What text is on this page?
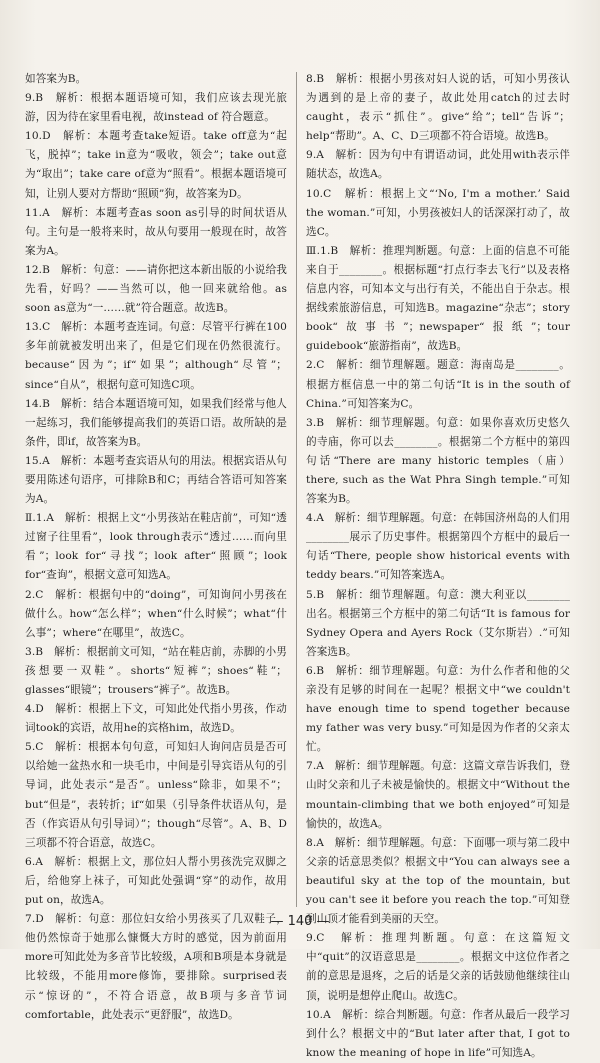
如答案为B。

9.B　解析：根据本题语境可知，我们应该去现光旅游，因为待在家里看电视，故instead of 符合题意。

10.D　解析：本题考查take短语。take off意为“起飞，脱掉”；take in意为“吸收，领会”；take out意为“取出”；take care of意为“照看”。根据本题语境可知，让别人要对方帮助“照顾”狗，故答案为D。

11.A　解析：本题考查as soon as引导的时间状语从句。主句是一般将来时，故从句要用一般现在时，故答案为A。

12.B　解析：句意：——请你把这本新出版的小说给我先看，好吗？——当然可以，他一回来就给他。as soon as意为“一……就”符合题意。故选B。

13.C　解析：本题考查连词。句意：尽管平行裤在100多年前就被发明出来了，但是它们现在仍然很流行。because“因为”；if“如果”；although“尽管”；since“自从”，根据句意可知选C项。

14.B　解析：结合本题语境可知，如果我们经常与他人一起练习，我们能够提高我们的英语口语。故所缺的是条件，即if，故答案为B。

15.A　解析：本题考查宾语从句的用法。根据宾语从句要用陈述句语序，可排除B和C；再结合答语可知答案为A。

Ⅱ.1.A　解析：根据上文“小男孩站在鞋店前”，可知“透过窗子往里看”，look through表示“透过……而向里看”；look for“寻找”；look after“照顾”；look for“查询”，根据文意可知选A。

2.C　解析：根据句中的“doing”，可知询问小男孩在做什么。how“怎么样”；when“什么时候”；what“什么事”；where“在哪里”，故选C。

3.B　解析：根据前文可知，“站在鞋店前，赤脚的小男孩想要一双鞋”。shorts“短裤”；shoes“鞋”；glasses“眼镜”；trousers“裤子”。故选B。

4.D　解析：根据上下文，可知此处代指小男孩，作动词took的宾语，故用he的宾格him，故选D。

5.C　解析：根据本句句意，可知妇人询问店员是否可以给她一盆热水和一块毛巾，中间是引导宾语从句的引导词，此处表示“是否”。unless“除非，如果不”；but“但是”，表转折；if“如果（引导条件状语从句，是否（作宾语从句引导词）”；though“尽管”。A、B、D三项都不符合语意，故选C。

6.A　解析：根据上文，那位妇人帮小男孩洗完双脚之后，给他穿上袜子，可知此处强调“穿”的动作，故用put on，故选A。

7.D　解析：句意：那位妇女给小男孩买了几双鞋子，他仍然惊奇于她那么慷慨大方时的感觉，因为前面用more可知此处为多音节比较级，A项和B项是本身就是比较级，不能用more修饰，要排除。surprised表示“惊讶的”，不符合语意，故B项与多音节词comfortable，此处表示“更舒服”，故选D。

8.B　解析：根据小男孩对妇人说的话，可知小男孩认为遇到的是上帝的妻子，故此处用catch的过去时caught，表示“抓住”。give“给”；tell“告诉”；help“帮助”。A、C、D三项都不符合语境。故选B。

9.A　解析：因为句中有谓语动词，此处用with表示伴随状态，故选A。

10.C　解析：根据上文“‘No, I'm a mother.’ Said the woman.”可知，小男孩被妇人的话深深打动了，故选C。

Ⅲ.1.B　解析：推理判断题。句意：上面的信息不可能来自于________。根据标题“打点行李去飞行”以及表格信息内容，可知本文与出行有关，不能出自于杂志。根据线索旅游信息，可知选B。magazine“杂志”；story book“故事书”；newspaper“报纸”；tour guidebook“旅游指南”，故选B。

2.C　解析：细节理解题。题意：海南岛是________。根据方框信息一中的第二句话“It is in the south of China.”可知答案为C。

3.B　解析：细节理解题。句意：如果你喜欢历史悠久的寺庙，你可以去________。根据第二个方框中的第四句话“There are many historic temples（庙）there, such as the Wat Phra Singh temple.”可知答案为B。

4.A　解析：细节理解题。句意：在韩国济州岛的人们用________展示了历史事件。根据第四个方框中的最后一句话“There, people show historical events with teddy bears.”可知答案选A。

5.B　解析：细节理解题。句意：澳大利亚以________出名。根据第三个方框中的第二句话“It is famous for Sydney Opera and Ayers Rock（艾尔斯岩）.”可知答案选B。

6.B　解析：细节理解题。句意：为什么作者和他的父亲没有足够的时间在一起呢？根据文中“we couldn't have enough time to spend together because my father was very busy.”可知是因为作者的父亲太忙。

7.A　解析：细节理解题。句意：这篇文章告诉我们，登山时父亲和儿子未被是愉快的。根据文中“Without the mountain-climbing that we both enjoyed”可知是愉快的，故选A。

8.A　解析：细节理解题。句意：下面哪一项与第二段中父亲的话意思类似？根据文中“You can always see a beautiful sky at the top of the mountain, but you can't see it before you reach the top.”可知登到山顶才能看到美丽的天空。

9.C　解析：推理判断题。句意：在这篇短文中“quit”的汉语意思是________。根据文中这位作者之前的意思是退疼，之后的话是父亲的话鼓励他继续往山顶，说明是想停止爬山。故选C。

10.A　解析：综合判断题。句意：作者从最后一段学习到什么？根据文中的“But later after that, I got to know the meaning of hope in life”可知选A。

— 140 —
